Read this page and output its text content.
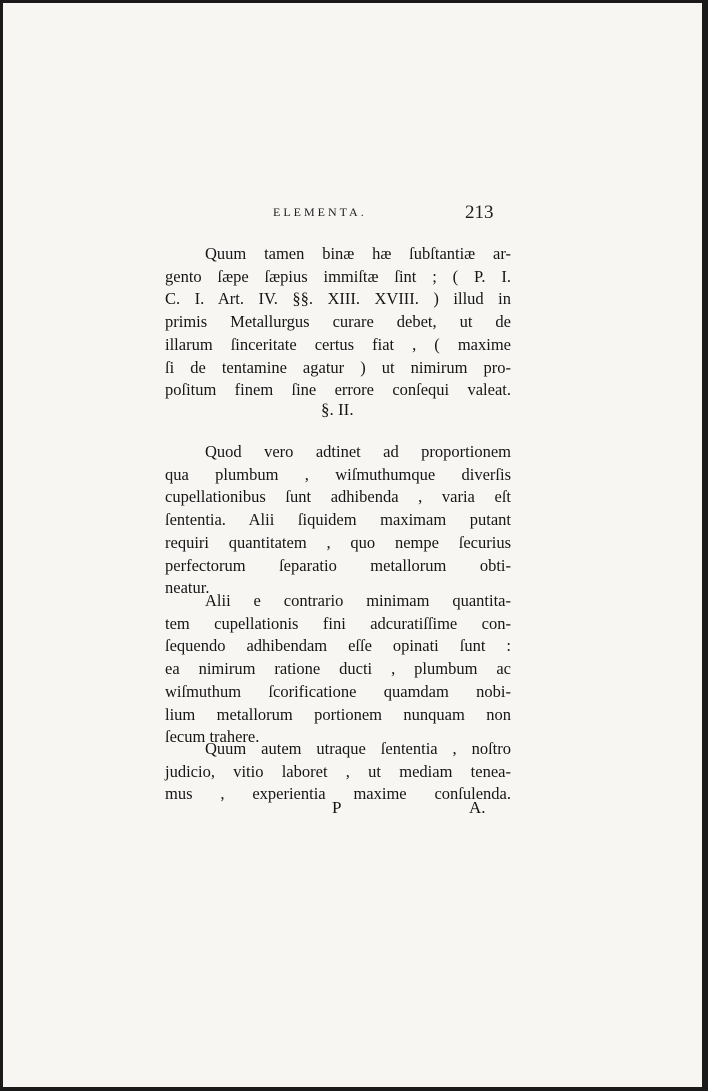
ELEMENTA.	213
Quum tamen binæ hæ ſubſtantiæ ar-
gento ſæpe ſæpius immiſtæ ſint ; ( P. I.
C. I. Art. IV. §§. XIII. XVIII. ) illud in
primis Metallurgus curare debet, ut de
illarum ſinceritate certus fiat , ( maxime
ſi de tentamine agatur ) ut nimirum pro-
poſitum finem ſine errore conſequi valeat.
§. II.
Quod vero adtinet ad proportionem
qua plumbum , wiſmuthumque diverſis
cupellationibus ſunt adhibenda , varia eſt
ſententia. Alii ſiquidem maximam putant
requiri quantitatem , quo nempe ſecurius
perfectorum ſeparatio metallorum obti-
neatur.
Alii e contrario minimam quantita-
tem cupellationis fini adcuratiſſime con-
ſequendo adhibendam eſſe opinati ſunt :
ea nimirum ratione ducti , plumbum ac
wiſmuthum ſcorificatione quamdam nobi-
lium metallorum portionem nunquam non
ſecum trahere.
Quum autem utraque ſententia , noſtro
judicio, vitio laboret , ut mediam tenea-
mus , experientia maxime conſulenda.
P	A.
